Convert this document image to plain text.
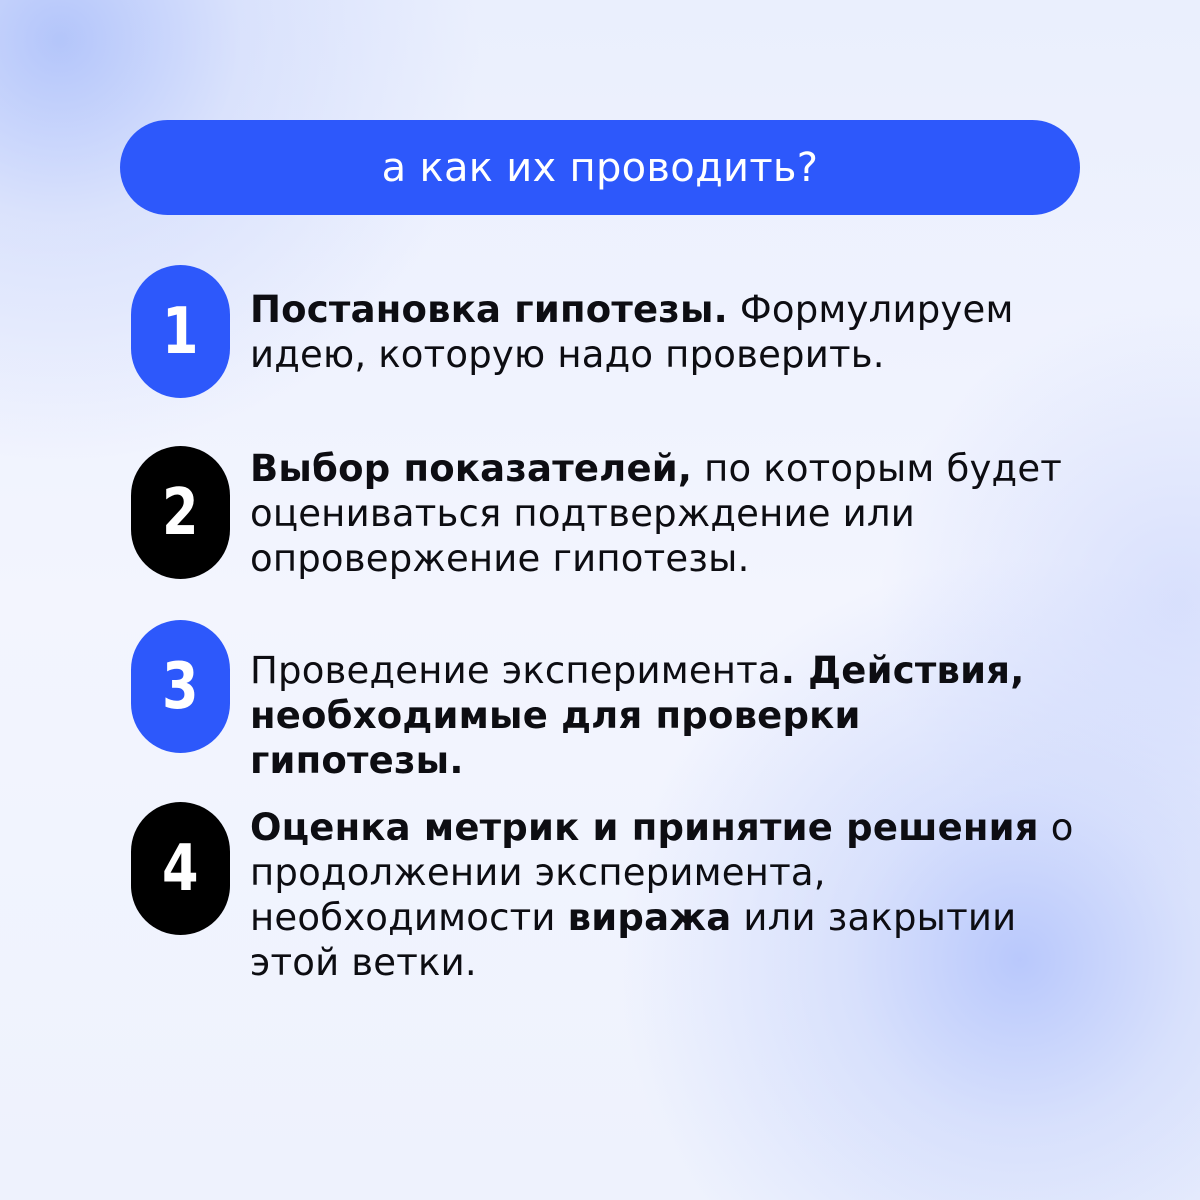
а как их проводить?
1 Постановка гипотезы. Формулируем идею, которую надо проверить.
2
Выбор показателей, по которым будет оцениваться подтверждение или опровержение гипотезы.
3 Проведение эксперимента. Действия, необходимые для проверки гипотезы.
4
Оценка метрик и принятие решения о продолжении эксперимента, необходимости виража или закрытии этой ветки.
